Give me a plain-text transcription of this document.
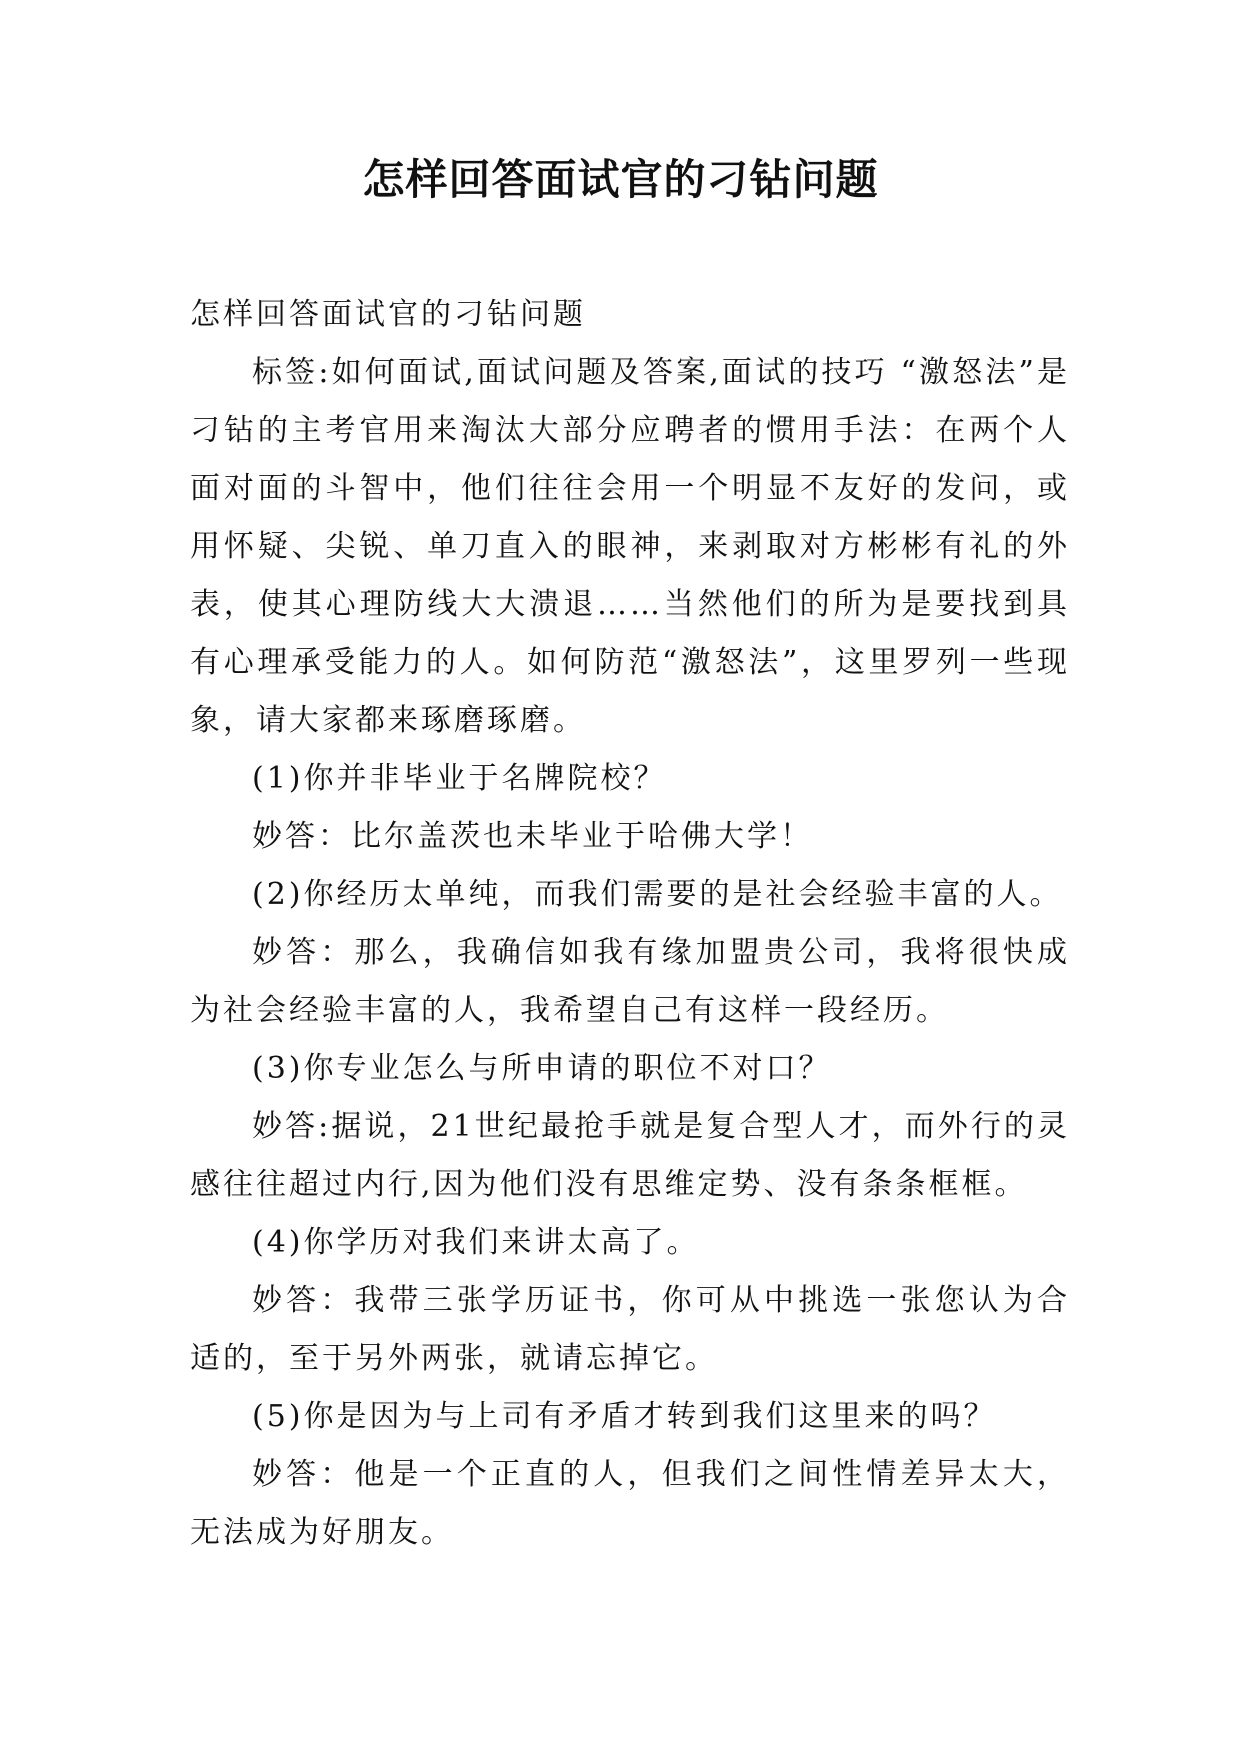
怎样回答面试官的刁钻问题

怎样回答面试官的刁钻问题

标签:如何面试,面试问题及答案,面试的技巧 “激怒法”是刁钻的主考官用来淘汰大部分应聘者的惯用手法：在两个人面对面的斗智中，他们往往会用一个明显不友好的发问，或用怀疑、尖锐、单刀直入的眼神，来剥取对方彬彬有礼的外表，使其心理防线大大溃退……当然他们的所为是要找到具有心理承受能力的人。如何防范“激怒法”，这里罗列一些现象，请大家都来琢磨琢磨。

(1)你并非毕业于名牌院校？

妙答：比尔盖茨也未毕业于哈佛大学！

(2)你经历太单纯，而我们需要的是社会经验丰富的人。

妙答：那么，我确信如我有缘加盟贵公司，我将很快成为社会经验丰富的人，我希望自己有这样一段经历。

(3)你专业怎么与所申请的职位不对口？

妙答:据说，21世纪最抢手就是复合型人才，而外行的灵感往往超过内行,因为他们没有思维定势、没有条条框框。

(4)你学历对我们来讲太高了。

妙答：我带三张学历证书，你可从中挑选一张您认为合适的，至于另外两张，就请忘掉它。

(5)你是因为与上司有矛盾才转到我们这里来的吗？

妙答：他是一个正直的人，但我们之间性情差异太大，无法成为好朋友。
